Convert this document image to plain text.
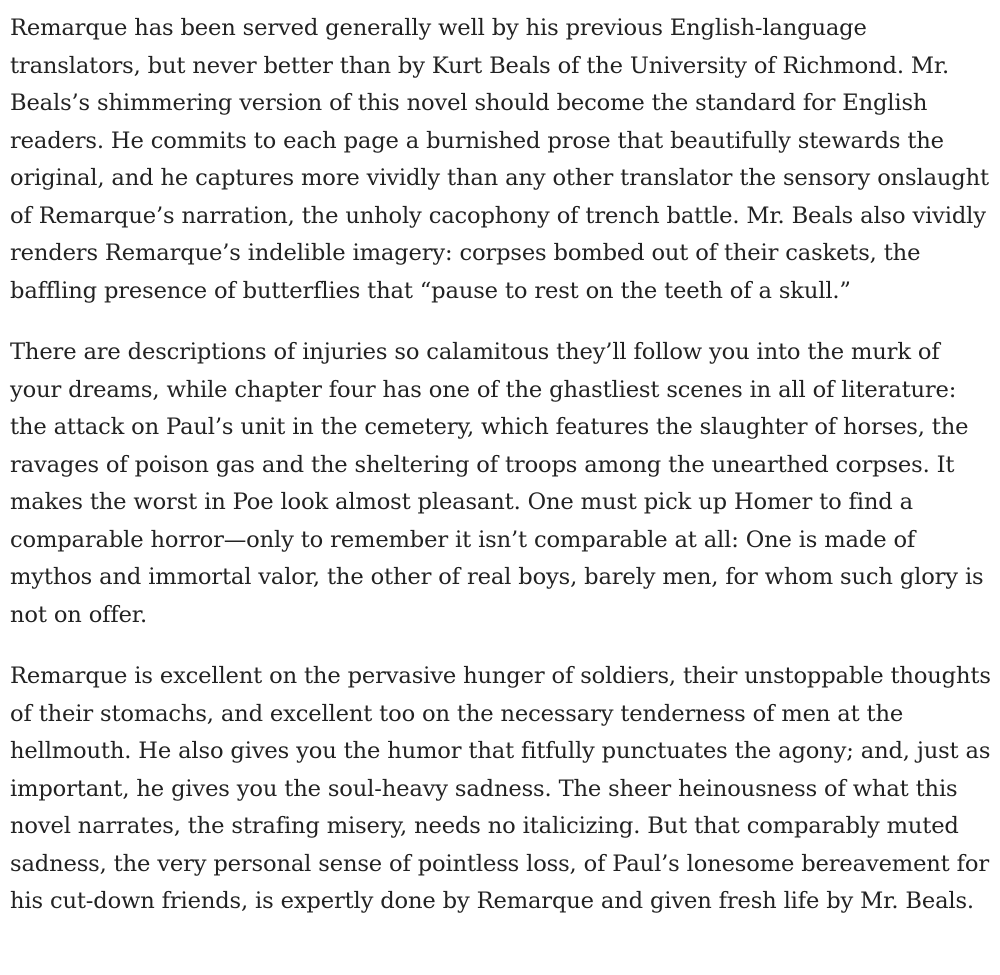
Remarque has been served generally well by his previous English-language translators, but never better than by Kurt Beals of the University of Richmond. Mr. Beals’s shimmering version of this novel should become the standard for English readers. He commits to each page a burnished prose that beautifully stewards the original, and he captures more vividly than any other translator the sensory onslaught of Remarque’s narration, the unholy cacophony of trench battle. Mr. Beals also vividly renders Remarque’s indelible imagery: corpses bombed out of their caskets, the baffling presence of butterflies that “pause to rest on the teeth of a skull.”

There are descriptions of injuries so calamitous they’ll follow you into the murk of your dreams, while chapter four has one of the ghastliest scenes in all of literature: the attack on Paul’s unit in the cemetery, which features the slaughter of horses, the ravages of poison gas and the sheltering of troops among the unearthed corpses. It makes the worst in Poe look almost pleasant. One must pick up Homer to find a comparable horror—only to remember it isn’t comparable at all: One is made of mythos and immortal valor, the other of real boys, barely men, for whom such glory is not on offer.

Remarque is excellent on the pervasive hunger of soldiers, their unstoppable thoughts of their stomachs, and excellent too on the necessary tenderness of men at the hellmouth. He also gives you the humor that fitfully punctuates the agony; and, just as important, he gives you the soul-heavy sadness. The sheer heinousness of what this novel narrates, the strafing misery, needs no italicizing. But that comparably muted sadness, the very personal sense of pointless loss, of Paul’s lonesome bereavement for his cut-down friends, is expertly done by Remarque and given fresh life by Mr. Beals.
